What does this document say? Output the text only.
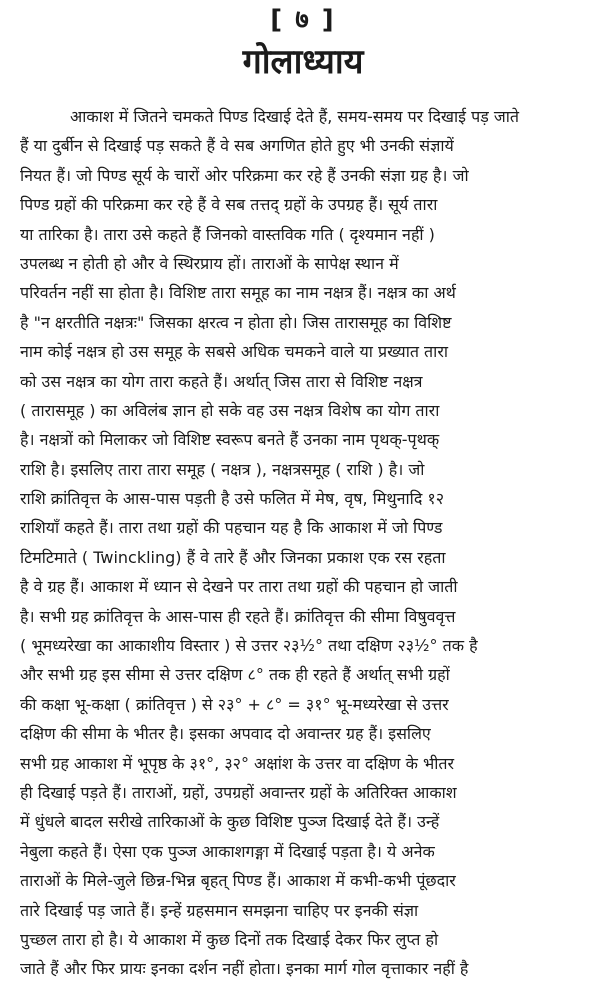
[ ७ ]
गोलाध्याय
आकाश में जितने चमकते पिण्ड दिखाई देते हैं, समय-समय पर दिखाई पड़ जाते
हैं या दुर्बीन से दिखाई पड़ सकते हैं वे सब अगणित होते हुए भी उनकी संज्ञायें
नियत हैं। जो पिण्ड सूर्य के चारों ओर परिक्रमा कर रहे हैं उनकी संज्ञा ग्रह है। जो
पिण्ड ग्रहों की परिक्रमा कर रहे हैं वे सब तत्तद् ग्रहों के उपग्रह हैं। सूर्य तारा
या तारिका है। तारा उसे कहते हैं जिनको वास्तविक गति ( दृश्यमान नहीं )
उपलब्ध न होती हो और वे स्थिरप्राय हों। ताराओं के सापेक्ष स्थान में
परिवर्तन नहीं सा होता है। विशिष्ट तारा समूह का नाम नक्षत्र हैं। नक्षत्र का अर्थ
है "न क्षरतीति नक्षत्रः" जिसका क्षरत्व न होता हो। जिस तारासमूह का विशिष्ट
नाम कोई नक्षत्र हो उस समूह के सबसे अधिक चमकने वाले या प्रख्यात तारा
को उस नक्षत्र का योग तारा कहते हैं। अर्थात् जिस तारा से विशिष्ट नक्षत्र
( तारासमूह ) का अविलंब ज्ञान हो सके वह उस नक्षत्र विशेष का योग तारा
है। नक्षत्रों को मिलाकर जो विशिष्ट स्वरूप बनते हैं उनका नाम पृथक्-पृथक्
राशि है। इसलिए तारा तारा समूह ( नक्षत्र ), नक्षत्रसमूह ( राशि ) है। जो
राशि क्रांतिवृत्त के आस-पास पड़ती है उसे फलित में मेष, वृष, मिथुनादि १२
राशियाँ कहते हैं। तारा तथा ग्रहों की पहचान यह है कि आकाश में जो पिण्ड
टिमटिमाते ( Twinckling) हैं वे तारे हैं और जिनका प्रकाश एक रस रहता
है वे ग्रह हैं। आकाश में ध्यान से देखने पर तारा तथा ग्रहों की पहचान हो जाती
है। सभी ग्रह क्रांतिवृत्त के आस-पास ही रहते हैं। क्रांतिवृत्त की सीमा विषुववृत्त
( भूमध्यरेखा का आकाशीय विस्तार ) से उत्तर २३½° तथा दक्षिण २३½° तक है
और सभी ग्रह इस सीमा से उत्तर दक्षिण ८° तक ही रहते हैं अर्थात् सभी ग्रहों
की कक्षा भू-कक्षा ( क्रांतिवृत्त ) से २३° + ८° = ३१° भू-मध्यरेखा से उत्तर
दक्षिण की सीमा के भीतर है। इसका अपवाद दो अवान्तर ग्रह हैं। इसलिए
सभी ग्रह आकाश में भूपृष्ठ के ३१°, ३२° अक्षांश के उत्तर वा दक्षिण के भीतर
ही दिखाई पड़ते हैं। ताराओं, ग्रहों, उपग्रहों अवान्तर ग्रहों के अतिरिक्त आकाश
में धुंधले बादल सरीखे तारिकाओं के कुछ विशिष्ट पुञ्ज दिखाई देते हैं। उन्हें
नेबुला कहते हैं। ऐसा एक पुञ्ज आकाशगङ्गा में दिखाई पड़ता है। ये अनेक
ताराओं के मिले-जुले छिन्न-भिन्न बृहत् पिण्ड हैं। आकाश में कभी-कभी पूंछदार
तारे दिखाई पड़ जाते हैं। इन्हें ग्रहसमान समझना चाहिए पर इनकी संज्ञा
पुच्छल तारा हो है। ये आकाश में कुछ दिनों तक दिखाई देकर फिर लुप्त हो
जाते हैं और फिर प्रायः इनका दर्शन नहीं होता। इनका मार्ग गोल वृत्ताकार नहीं है
